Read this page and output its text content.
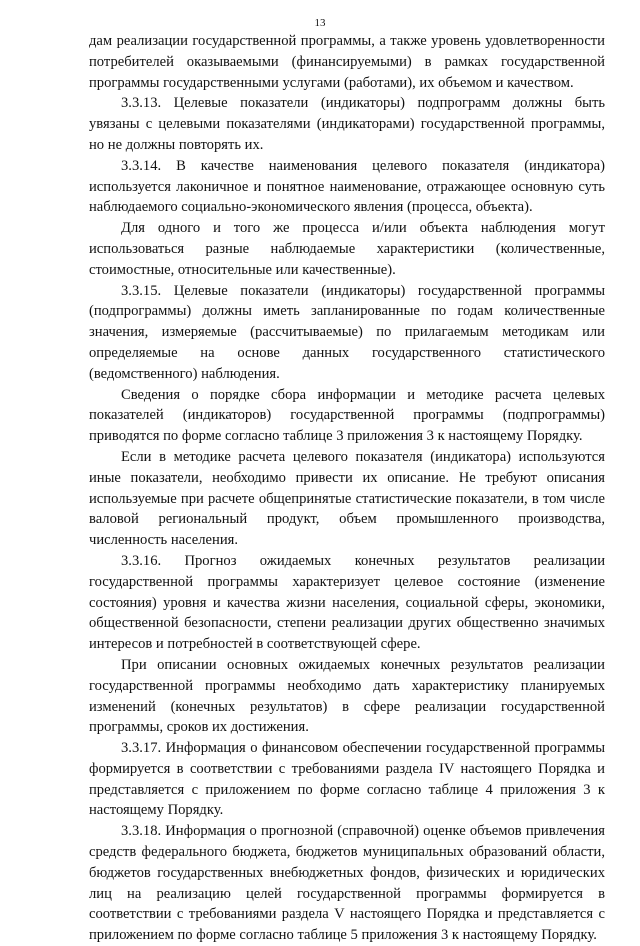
13

дам реализации государственной программы, а также уровень удовлетворенности потребителей оказываемыми (финансируемыми) в рамках государственной программы государственными услугами (работами), их объемом и качеством.

3.3.13. Целевые показатели (индикаторы) подпрограмм должны быть увязаны с целевыми показателями (индикаторами) государственной программы, но не должны повторять их.

3.3.14. В качестве наименования целевого показателя (индикатора) используется лаконичное и понятное наименование, отражающее основную суть наблюдаемого социально-экономического явления (процесса, объекта).

Для одного и того же процесса и/или объекта наблюдения могут использоваться разные наблюдаемые характеристики (количественные, стоимостные, относительные или качественные).

3.3.15. Целевые показатели (индикаторы) государственной программы (подпрограммы) должны иметь запланированные по годам количественные значения, измеряемые (рассчитываемые) по прилагаемым методикам или определяемые на основе данных государственного статистического (ведомственного) наблюдения.

Сведения о порядке сбора информации и методике расчета целевых показателей (индикаторов) государственной программы (подпрограммы) приводятся по форме согласно таблице 3 приложения 3 к настоящему Порядку.

Если в методике расчета целевого показателя (индикатора) используются иные показатели, необходимо привести их описание. Не требуют описания используемые при расчете общепринятые статистические показатели, в том числе валовой региональный продукт, объем промышленного производства, численность населения.

3.3.16. Прогноз ожидаемых конечных результатов реализации государственной программы характеризует целевое состояние (изменение состояния) уровня и качества жизни населения, социальной сферы, экономики, общественной безопасности, степени реализации других общественно значимых интересов и потребностей в соответствующей сфере.

При описании основных ожидаемых конечных результатов реализации государственной программы необходимо дать характеристику планируемых изменений (конечных результатов) в сфере реализации государственной программы, сроков их достижения.

3.3.17. Информация о финансовом обеспечении государственной программы формируется в соответствии с требованиями раздела IV настоящего Порядка и представляется с приложением по форме согласно таблице 4 приложения 3 к настоящему Порядку.

3.3.18. Информация о прогнозной (справочной) оценке объемов привлечения средств федерального бюджета, бюджетов муниципальных образований области, бюджетов государственных внебюджетных фондов, физических и юридических лиц на реализацию целей государственной программы формируется в соответствии с требованиями раздела V настоящего Порядка и представляется с приложением по форме согласно таблице 5 приложения 3 к настоящему Порядку.
